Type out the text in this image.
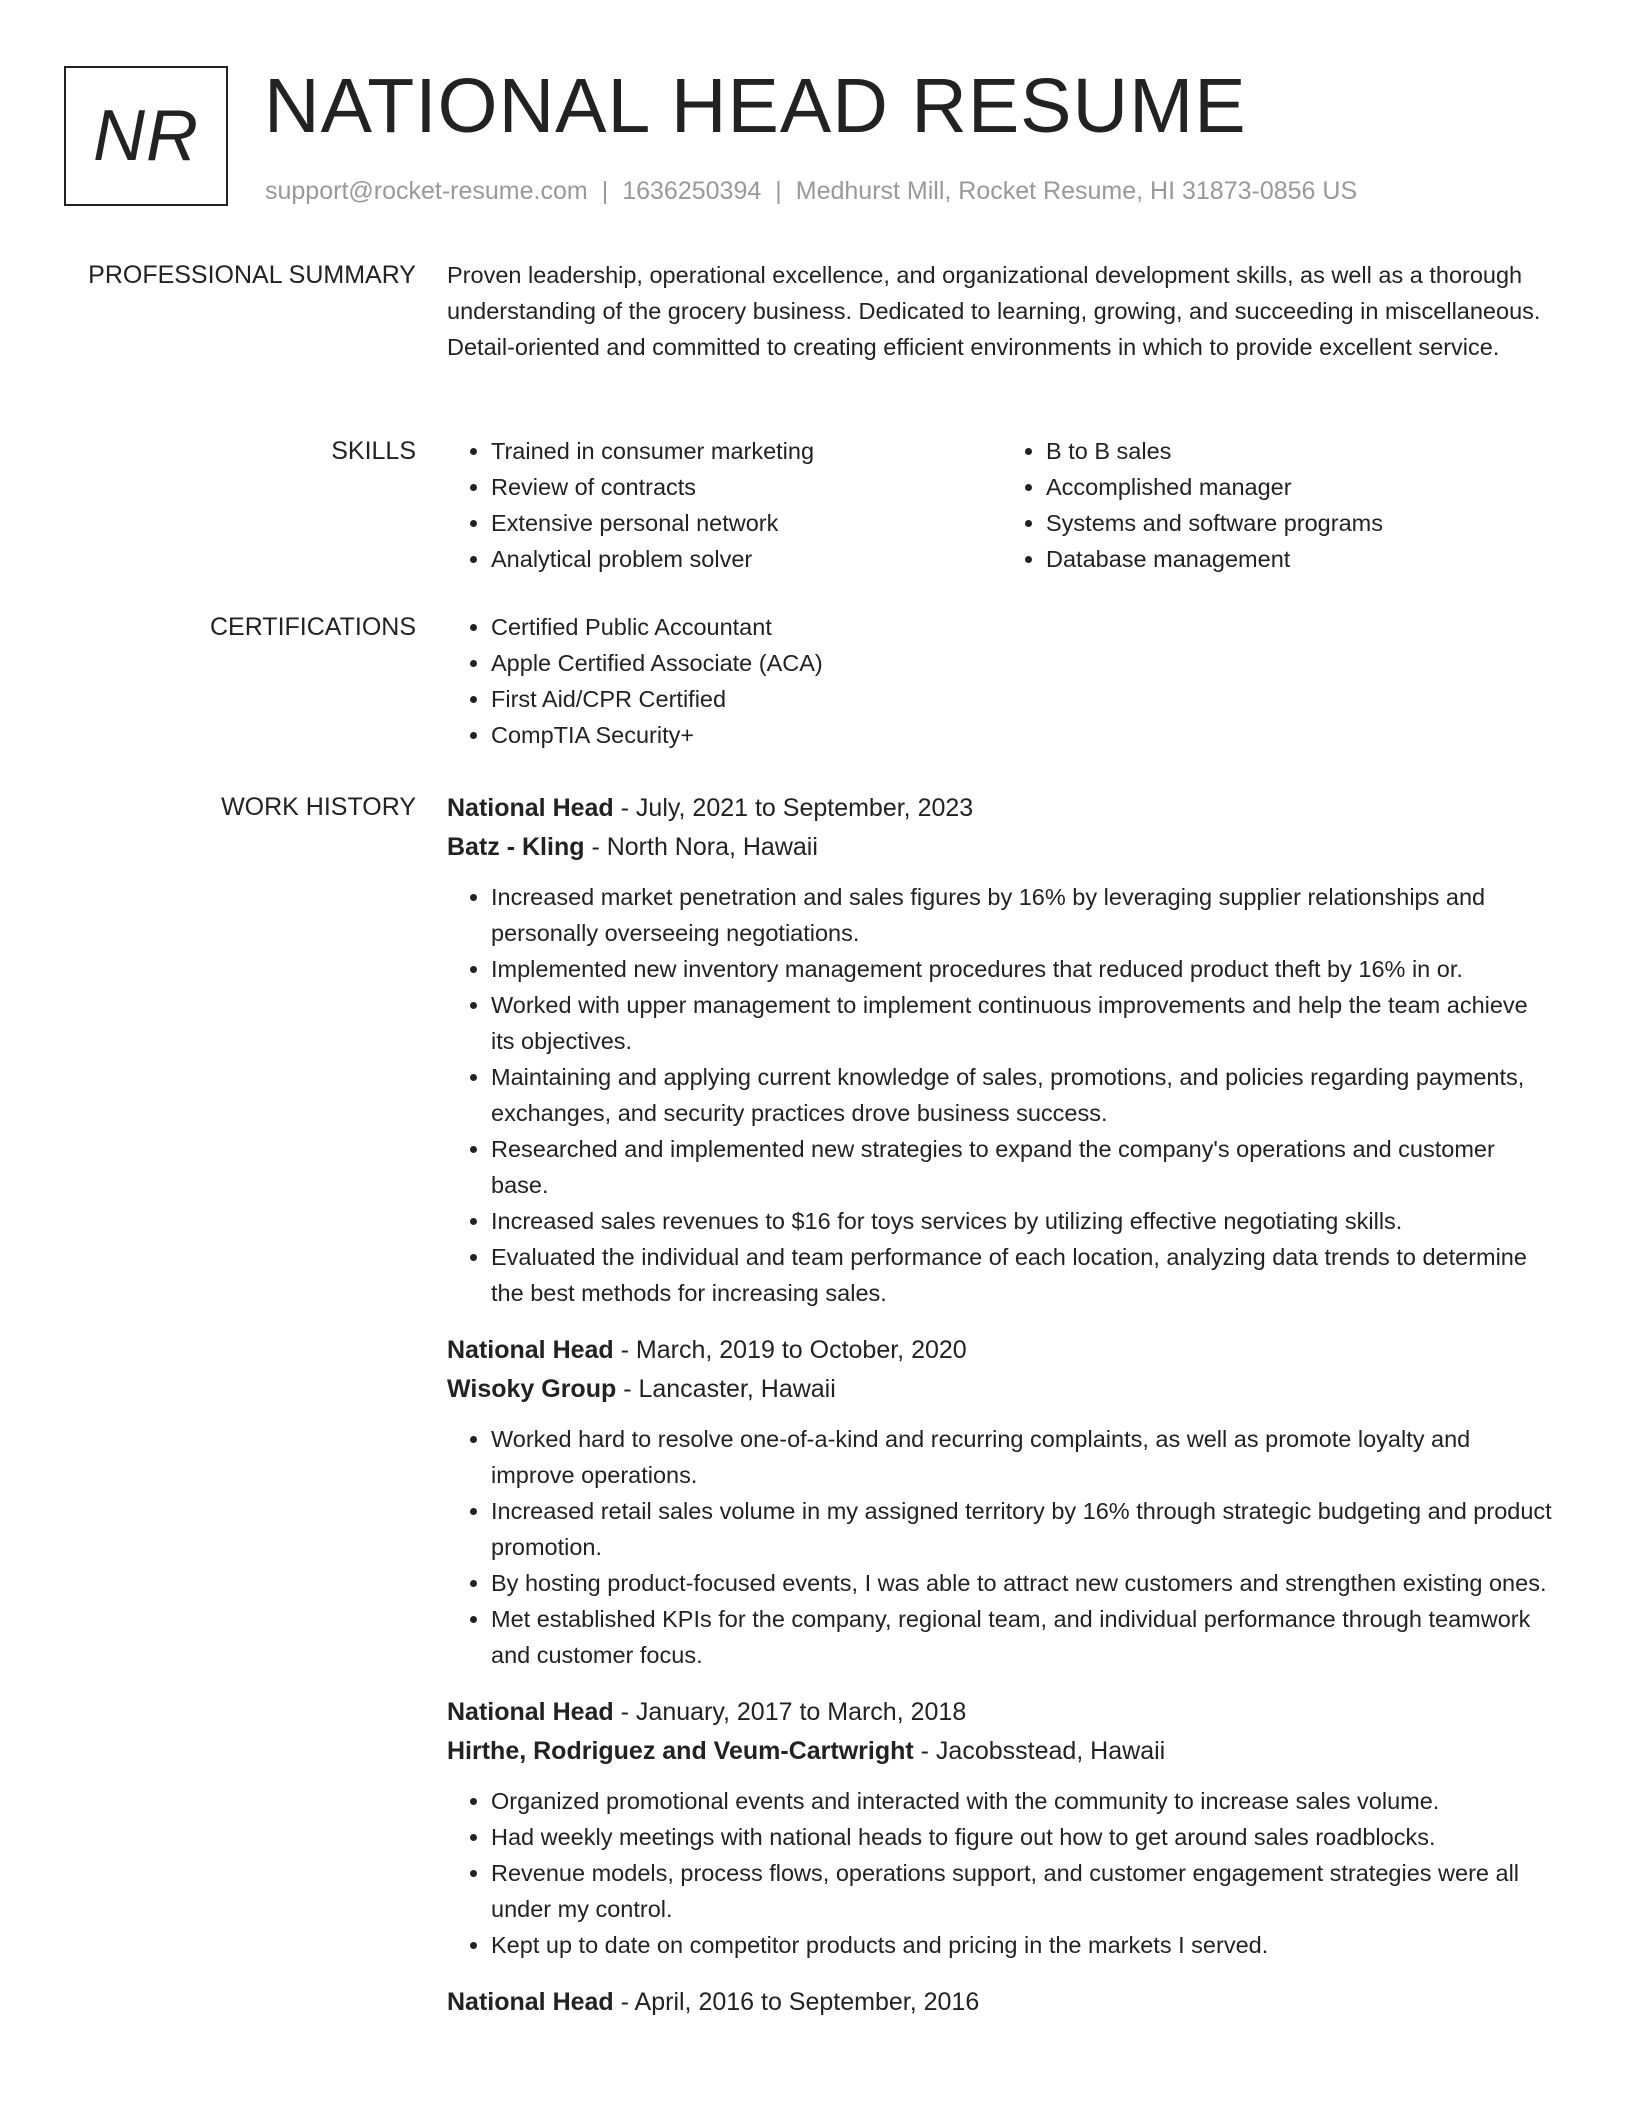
NR NATIONAL HEAD RESUME
support@rocket-resume.com | 1636250394 | Medhurst Mill, Rocket Resume, HI 31873-0856 US
PROFESSIONAL SUMMARY Proven leadership, operational excellence, and organizational development skills, as well as a thorough understanding of the grocery business. Dedicated to learning, growing, and succeeding in miscellaneous. Detail-oriented and committed to creating efficient environments in which to provide excellent service.

SKILLS	• Trained in consumer marketing
• Review of contracts
• Extensive personal network
• Analytical problem solver
• B to B sales
• Accomplished manager
• Systems and software programs
• Database management
CERTIFICATIONS	• Certified Public Accountant
• Apple Certified Associate (ACA)
• First Aid/CPR Certified
• CompTIA Security+
WORK HISTORY National Head - July, 2021 to September, 2023
Batz - Kling - North Nora, Hawaii
• Increased market penetration and sales figures by 16% by leveraging supplier relationships and personally overseeing negotiations.
• Implemented new inventory management procedures that reduced product theft by 16% in or.
• Worked with upper management to implement continuous improvements and help the team achieve its objectives.
• Maintaining and applying current knowledge of sales, promotions, and policies regarding payments, exchanges, and security practices drove business success.
• Researched and implemented new strategies to expand the company's operations and customer base.
• Increased sales revenues to $16 for toys services by utilizing effective negotiating skills.
• Evaluated the individual and team performance of each location, analyzing data trends to determine the best methods for increasing sales.
National Head - March, 2019 to October, 2020
Wisoky Group - Lancaster, Hawaii
• Worked hard to resolve one-of-a-kind and recurring complaints, as well as promote loyalty and improve operations.
• Increased retail sales volume in my assigned territory by 16% through strategic budgeting and product promotion.
• By hosting product-focused events, I was able to attract new customers and strengthen existing ones.
• Met established KPIs for the company, regional team, and individual performance through teamwork and customer focus.
National Head - January, 2017 to March, 2018
Hirthe, Rodriguez and Veum-Cartwright - Jacobsstead, Hawaii
• Organized promotional events and interacted with the community to increase sales volume.
• Had weekly meetings with national heads to figure out how to get around sales roadblocks.
• Revenue models, process flows, operations support, and customer engagement strategies were all under my control.
• Kept up to date on competitor products and pricing in the markets I served.
National Head - April, 2016 to September, 2016
